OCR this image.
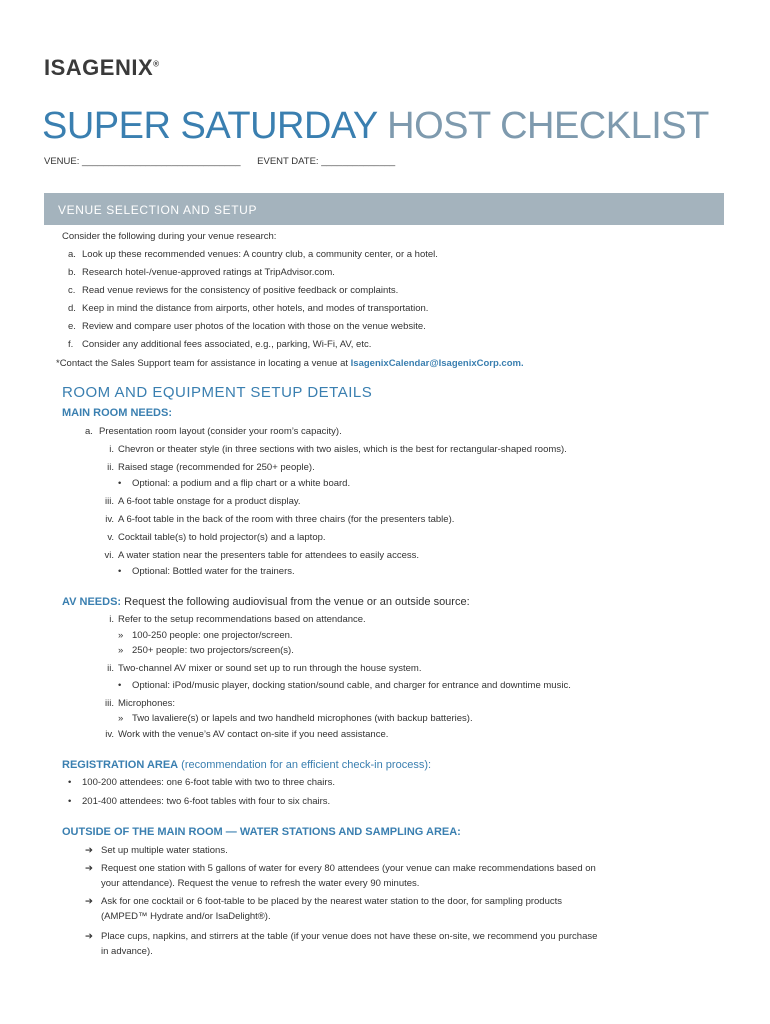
ISAGENIX®
SUPER SATURDAY HOST CHECKLIST
VENUE: ______________________________ EVENT DATE: ______________
VENUE SELECTION AND SETUP
Consider the following during your venue research:
a. Look up these recommended venues: A country club, a community center, or a hotel.
b. Research hotel-/venue-approved ratings at TripAdvisor.com.
c. Read venue reviews for the consistency of positive feedback or complaints.
d. Keep in mind the distance from airports, other hotels, and modes of transportation.
e. Review and compare user photos of the location with those on the venue website.
f. Consider any additional fees associated, e.g., parking, Wi-Fi, AV, etc.
*Contact the Sales Support team for assistance in locating a venue at IsagenixCalendar@IsagenixCorp.com.
ROOM AND EQUIPMENT SETUP DETAILS
MAIN ROOM NEEDS:
a. Presentation room layout (consider your room’s capacity).
i. Chevron or theater style (in three sections with two aisles, which is the best for rectangular-shaped rooms).
ii. Raised stage (recommended for 250+ people).
• Optional: a podium and a flip chart or a white board.
iii. A 6-foot table onstage for a product display.
iv. A 6-foot table in the back of the room with three chairs (for the presenters table).
v. Cocktail table(s) to hold projector(s) and a laptop.
vi. A water station near the presenters table for attendees to easily access.
• Optional: Bottled water for the trainers.
AV NEEDS: Request the following audiovisual from the venue or an outside source:
i. Refer to the setup recommendations based on attendance.
» 100-250 people: one projector/screen.
» 250+ people: two projectors/screen(s).
ii. Two-channel AV mixer or sound set up to run through the house system.
• Optional: iPod/music player, docking station/sound cable, and charger for entrance and downtime music.
iii. Microphones:
» Two lavaliere(s) or lapels and two handheld microphones (with backup batteries).
iv. Work with the venue’s AV contact on-site if you need assistance.
REGISTRATION AREA (recommendation for an efficient check-in process):
• 100-200 attendees: one 6-foot table with two to three chairs.
• 201-400 attendees: two 6-foot tables with four to six chairs.
OUTSIDE OF THE MAIN ROOM — WATER STATIONS AND SAMPLING AREA:
➔ Set up multiple water stations.
➔ Request one station with 5 gallons of water for every 80 attendees (your venue can make recommendations based on
your attendance). Request the venue to refresh the water every 90 minutes.
➔ Ask for one cocktail or 6 foot-table to be placed by the nearest water station to the door, for sampling products
(AMPED™ Hydrate and/or IsaDelight®).
➔ Place cups, napkins, and stirrers at the table (if your venue does not have these on-site, we recommend you purchase
in advance).
